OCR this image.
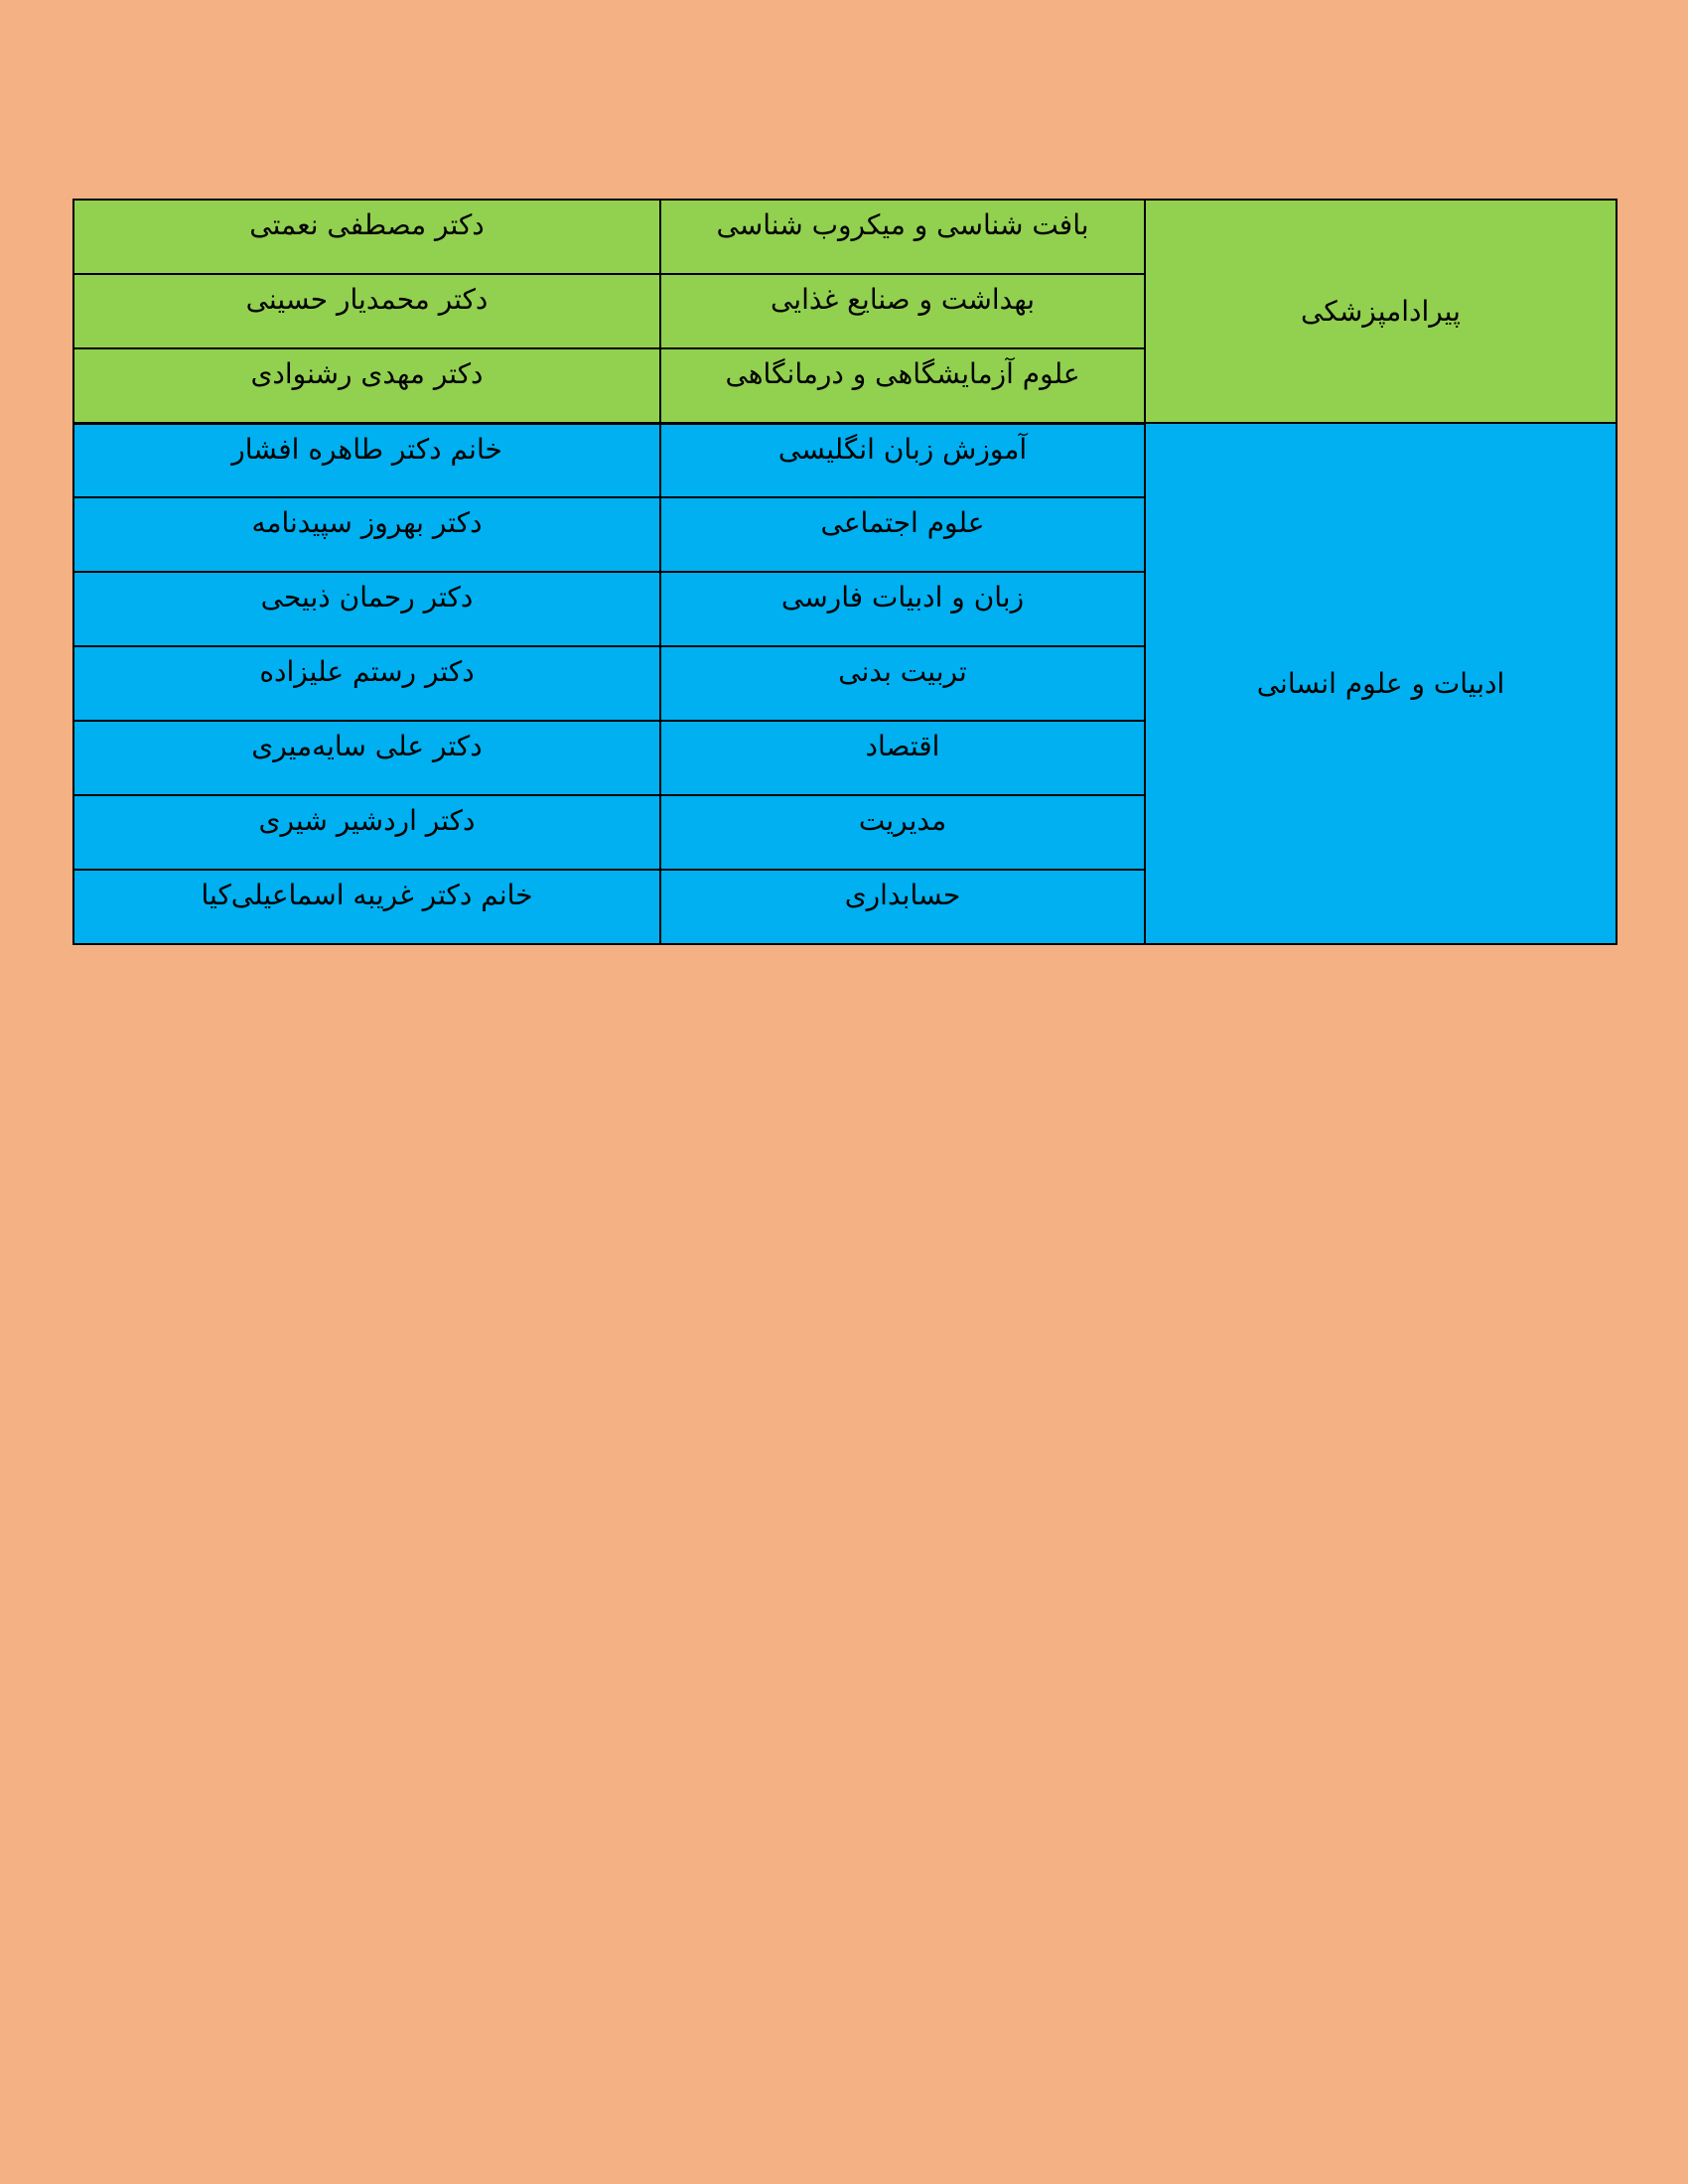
پیرادامپزشکی	بافت شناسی و میکروب شناسی	دکتر مصطفی نعمتی
	بهداشت و صنایع غذایی	دکتر محمدیار حسینی
	علوم آزمایشگاهی و درمانگاهی	دکتر مهدی رشنوادی
ادبیات و علوم انسانی	آموزش زبان انگلیسی	خانم دکتر طاهره افشار
	علوم اجتماعی	دکتر بهروز سپیدنامه
	زبان و ادبیات فارسی	دکتر رحمان ذبیحی
	تربیت بدنی	دکتر رستم علیزاده
	اقتصاد	دکتر علی سایه‌میری
	مدیریت	دکتر اردشیر شیری
	حسابداری	خانم دکتر غریبه اسماعیلی‌کیا
